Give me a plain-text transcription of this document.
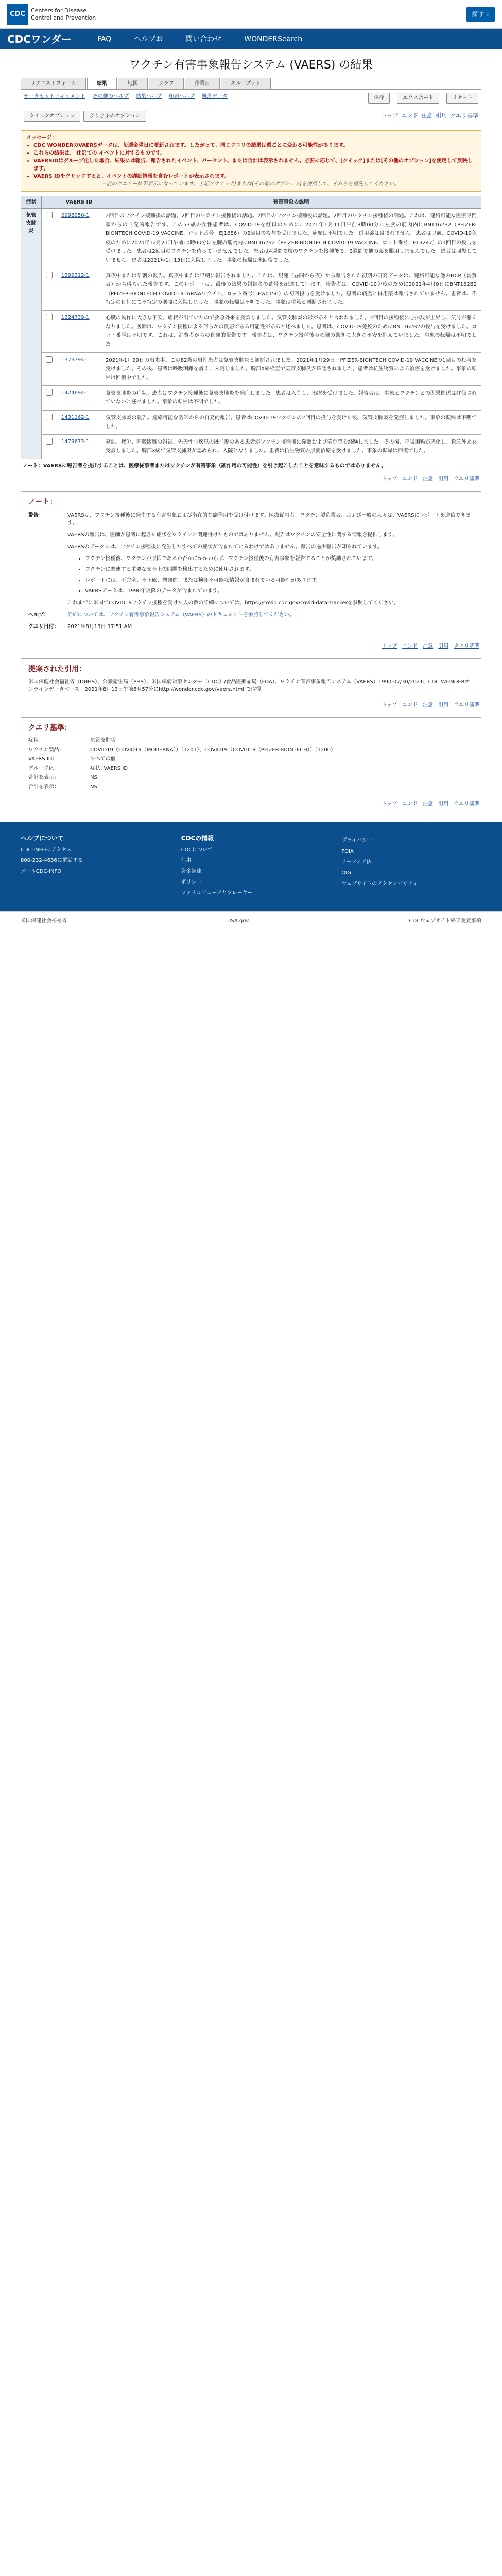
CDC	Centers for Disease
Control and Prevention	探す ⌕
CDCワンダー	FAQ	ヘルプお	問い合わせ	WONDERSearch
ワクチン有害事象報告システム (VAERS) の結果
リクエストフォーム	結果	地図	グラフ	作業日	スループット
データセットドキュメント その他のヘルプ 結果ヘルプ 印刷ヘルプ 概念データ	保存	エクスポート	リセット
クイックオプション	よりきょのオプション	トップ エンド 注意 引用 クエリ基準
メッセージ：
• CDC WONDERのVAERSデータは、毎週金曜日に更新されます。したがって、同じクエリの結果は週ごとに変わる可能性があります。
• これらの結果は、 仕訳ての イベントに対するものです。
• VAERSIDはグループ化した場合、結果には報告、報告されたイベント、パーセント、または合計は表示されません。必要に応じて、[クイック]または[その他のオプション]を使用して反映します。
• VAERS IDをクリックすると、イベントの詳細情報を含むレポートが表示されます。
--前のクエリー結果表示になっています。上記がクイック]または[その他のオプション]を使用して、それらを優先してください。
症状		VAERS ID	有害事象の説明
気管支肺炎		0998950-1	2回目のワクチン接種後の話題。2回目のワクチン接種後の話題。2回目のワクチン接種後の話題。2回目のワクチン接種後の話題。これは、連絡可能な医療専門家からの自発的報告です。この53歳の女性患者は、COVID-19を経口のために、2021年1月11日午前8時00分に左腕の筋肉内にBNT162B2（PFIZER-BIONTECH COVID-19 VACCINE、ロット番号：EJ1686）の2回目の投与を受けました。病歴は不明でした。併用薬は含まれません。患者は以前、COVID-19免疫のために2020年12月21日午前10時00分に左腕の筋肉内にBNT162B2（PFIZER-BIONTECH COVID-19 VACCINE、ロット番号：EL3247）の1回目の投与を受けました。患者は2回目のワクチンを待っていませんでした。患者は4週間で検のワクチンを接種後で、3週間で他の薬を服用しませんでした。患者は回復していません。患者は2021年1月13日に入院しました。事象の転帰は未回復でした。
	1299312-1	真夜中または早朝の報告。真夜中または早朝に報告されました。これは、規範（昼間から夜）から報告された初期の研究データは、連絡可能な他のHCP（消費者）から得られた報告です。このレポートは、最後の結果の報告者の番号を記述しています。報告者は、COVID-19免疫のために2021年4月9日にBNT162B2（PFIZER-BIONTECH COVID-19 mRNAワクチン、ロット番号：Ew0150）の初回投与を受けました。患者の病歴と併用薬は報告されていません。患者は、不特定の日付にて不特定の期間に入院しました。事象の転帰は不明でした。事象は重篤と判断されました。
	1324739-1	心臓の動作に大きな不安。症状が出ていたので救急外来を受診しました。気管支肺炎の影があると言われました。2回目の接種後に心拍数が上昇し、気分が悪くなりました。医師は、ワクチン接種による何らかの反応である可能性があると述べました。患者は、COVID-19免疫のためにBNT162B2の投与を受けました。ロット番号は不明です。これは、消費者からの自発的報告です。報告者は、ワクチン接種後の心臓の動きに大きな不安を抱えていました。事象の転帰は不明でした。
	1373794-1	2021年1月29日の出来事。この82歳の男性患者は気管支肺炎と診断されました。2021年1月29日、PFIZER-BIONTECH COVID-19 VACCINEの1回目の投与を受けました。その後、患者は呼吸困難を訴え、入院しました。胸部X線検査で気管支肺炎が確認されました。患者は抗生物質による治療を受けました。事象の転帰は回復中でした。
	1424694-1	気管支肺炎の症状。患者はワクチン接種後に気管支肺炎を発症しました。患者は入院し、治療を受けました。報告者は、事象とワクチンとの因果関係は評価されていないと述べました。事象の転帰は不明でした。
	1431162-1	気管支肺炎の報告。連絡可能な医師からの自発的報告。患者はCOVID-19ワクチンの2回目の投与を受けた後、気管支肺炎を発症しました。事象の転帰は不明でした。
	1479673-1	発熱、疲労、呼吸困難の報告。先天性心疾患の既往歴のある患者がワクチン接種後に発熱および倦怠感を経験しました。その後、呼吸困難が悪化し、救急外来を受診しました。胸部X線で気管支肺炎が認められ、入院となりました。患者は抗生物質の点滴治療を受けました。事象の転帰は回復でした。
ノート：VAERSに報告者を提出することは、医療従事者またはワクチンが有害事象（副作用の可能性）を引き起こしたことを意味するものではありません。
トップ エンド 注意 引用 クエリ基準
ノート：

警告：	VAERSは、ワクチン接種後に発生する有害事象および潜在的な副作用を受け付けます。医療従事者、ワクチン製造業者、および一般の人々は、VAERSにレポートを送信できます。

VAERSの報告は、医師が患者に起きた症状をワクチンと関連付けたものではありません。報告はワクチンの安全性に関する情報を提供します。

VAERSのデータには、ワクチン接種後に発生したすべての症状が含まれているわけではありません。報告の過少報告が知られています。

• ワクチン接種後、ワクチンが原因であるか否かにかかわらず、ワクチン接種後の有害事象を報告することが奨励されています。
• ワクチンに関連する重要な安全上の問題を検出するために使用されます。
• レポートには、不完全、不正確、偶発的、または検証不可能な情報が含まれている可能性があります。
• VAERSデータは、1990年以降のデータが含まれています。

これまでに米国でCOVID19ワクチン接種を受けた人の数の詳細については、https://covid.cdc.gov/covid-data-trackerを参照してください。

ヘルプ：	詳細については、ワクチン有害事象報告システム（VAERS）のドキュメントを参照してください。

クエリ日付： 2021年8月13日 17:51 AM

トップ エンド 注意 引用 クエリ基準
提案された引用：
米国保健社会福祉省（DHHS）、公衆衛生局（PHS）、米国疾病対策センター（CDC）/食品医薬品局（FDA）、ワクチン有害事象報告システム（VAERS）1990-07/30/2021、CDC WONDERオンラインデータベース。2021年8月13日午前5時57分にhttp://wonder.cdc.gov/vaers.html で取得
トップ エンド 注意 引用 クエリ基準
クエリ基準：
症状：	気管支肺炎
ワクチン製品：	COVID19（COVID19（MODERNA））（1201）、COVID19（COVID19（PFIZER-BIONTECH））（1200）
VAERS ID：	すべての値
グループ化：	症状; VAERS ID
合計を表示：	NS
合計を表示：	NS
トップ エンド 注意 引用 クエリ基準
ヘルプについて
CDC-INFOにアクセス
800-232-4636に電話する
メールCDC-INFO
CDCの情報
CDCについて
仕事
資金調達
ポリシー
ファイルビューアとプレーヤー
プライバシー
FOIA
ノーフィア法
OIG
ウェブサイトのアクセシビリティ
米国保健社会福祉省	USA.gov	CDCウェブサイト終了免責事項
